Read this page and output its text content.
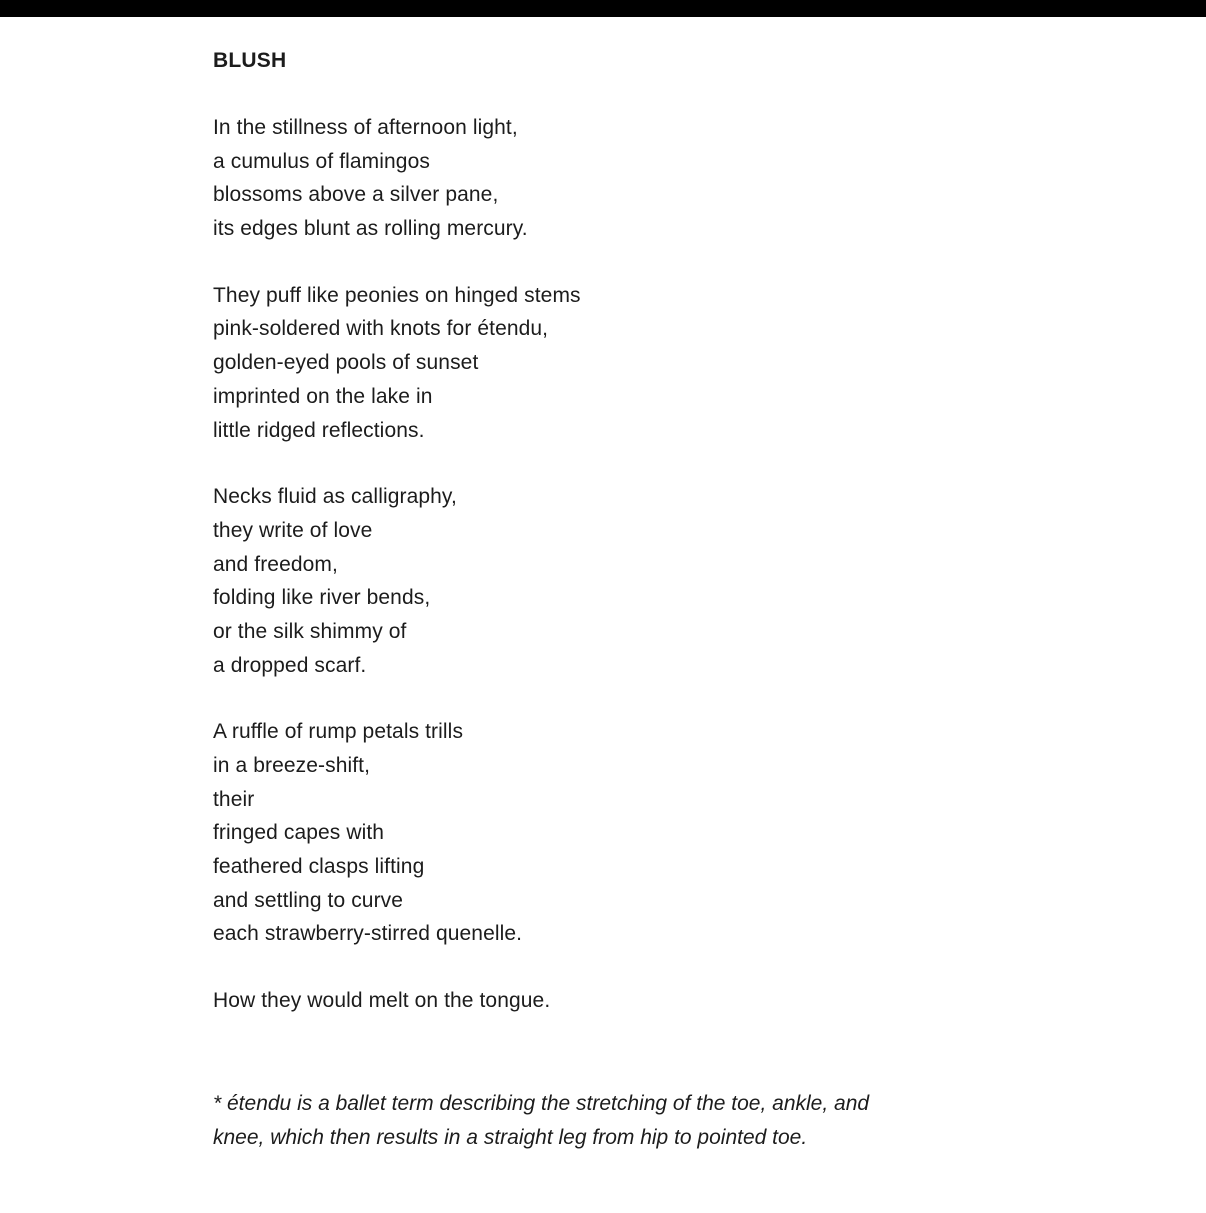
BLUSH
In the stillness of afternoon light,
a cumulus of flamingos
blossoms above a silver pane,
its edges blunt as rolling mercury.
They puff like peonies on hinged stems
pink-soldered with knots for étendu,
golden-eyed pools of sunset
imprinted on the lake in
little ridged reflections.
Necks fluid as calligraphy,
they write of love
and freedom,
folding like river bends,
or the silk shimmy of
a dropped scarf.
A ruffle of rump petals trills
in a breeze-shift,
their
fringed capes with
feathered clasps lifting
and settling to curve
each strawberry-stirred quenelle.
How they would melt on the tongue.
* étendu is a ballet term describing the stretching of the toe, ankle, and
knee, which then results in a straight leg from hip to pointed toe.
